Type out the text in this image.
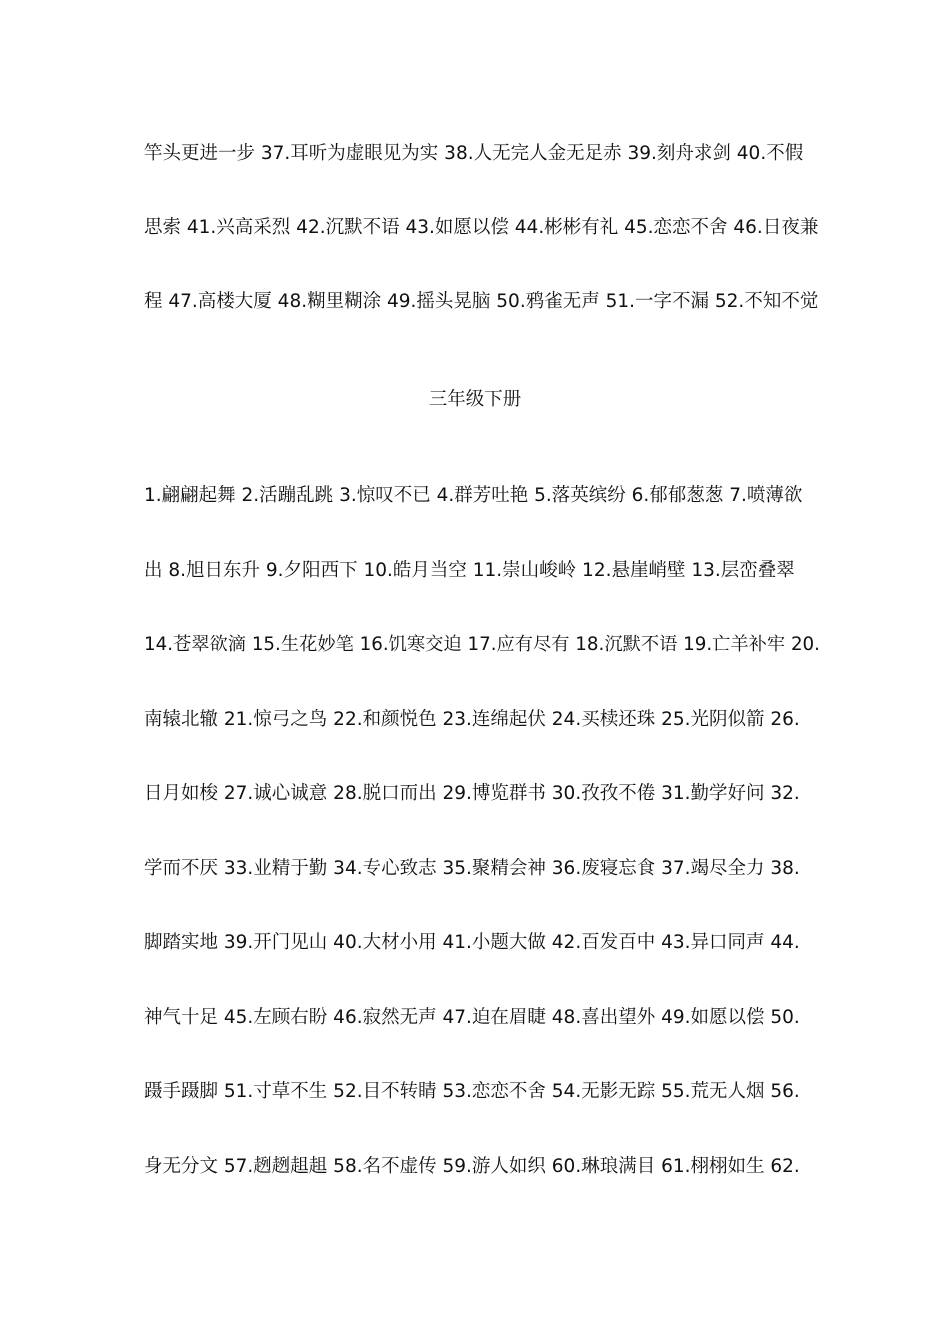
竿头更进一步 37.耳听为虚眼见为实 38.人无完人金无足赤 39.刻舟求剑 40.不假
思索 41.兴高采烈 42.沉默不语 43.如愿以偿 44.彬彬有礼 45.恋恋不舍 46.日夜兼
程 47.高楼大厦 48.糊里糊涂 49.摇头晃脑 50.鸦雀无声 51.一字不漏 52.不知不觉
三年级下册
1.翩翩起舞 2.活蹦乱跳 3.惊叹不已 4.群芳吐艳 5.落英缤纷 6.郁郁葱葱 7.喷薄欲
出 8.旭日东升 9.夕阳西下 10.皓月当空 11.崇山峻岭 12.悬崖峭壁 13.层峦叠翠
14.苍翠欲滴 15.生花妙笔 16.饥寒交迫 17.应有尽有 18.沉默不语 19.亡羊补牢 20.
南辕北辙 21.惊弓之鸟 22.和颜悦色 23.连绵起伏 24.买椟还珠 25.光阴似箭 26.
日月如梭 27.诚心诚意 28.脱口而出 29.博览群书 30.孜孜不倦 31.勤学好问 32.
学而不厌 33.业精于勤 34.专心致志 35.聚精会神 36.废寝忘食 37.竭尽全力 38.
脚踏实地 39.开门见山 40.大材小用 41.小题大做 42.百发百中 43.异口同声 44.
神气十足 45.左顾右盼 46.寂然无声 47.迫在眉睫 48.喜出望外 49.如愿以偿 50.
蹑手蹑脚 51.寸草不生 52.目不转睛 53.恋恋不舍 54.无影无踪 55.荒无人烟 56.
身无分文 57.趔趔趄趄 58.名不虚传 59.游人如织 60.琳琅满目 61.栩栩如生 62.
